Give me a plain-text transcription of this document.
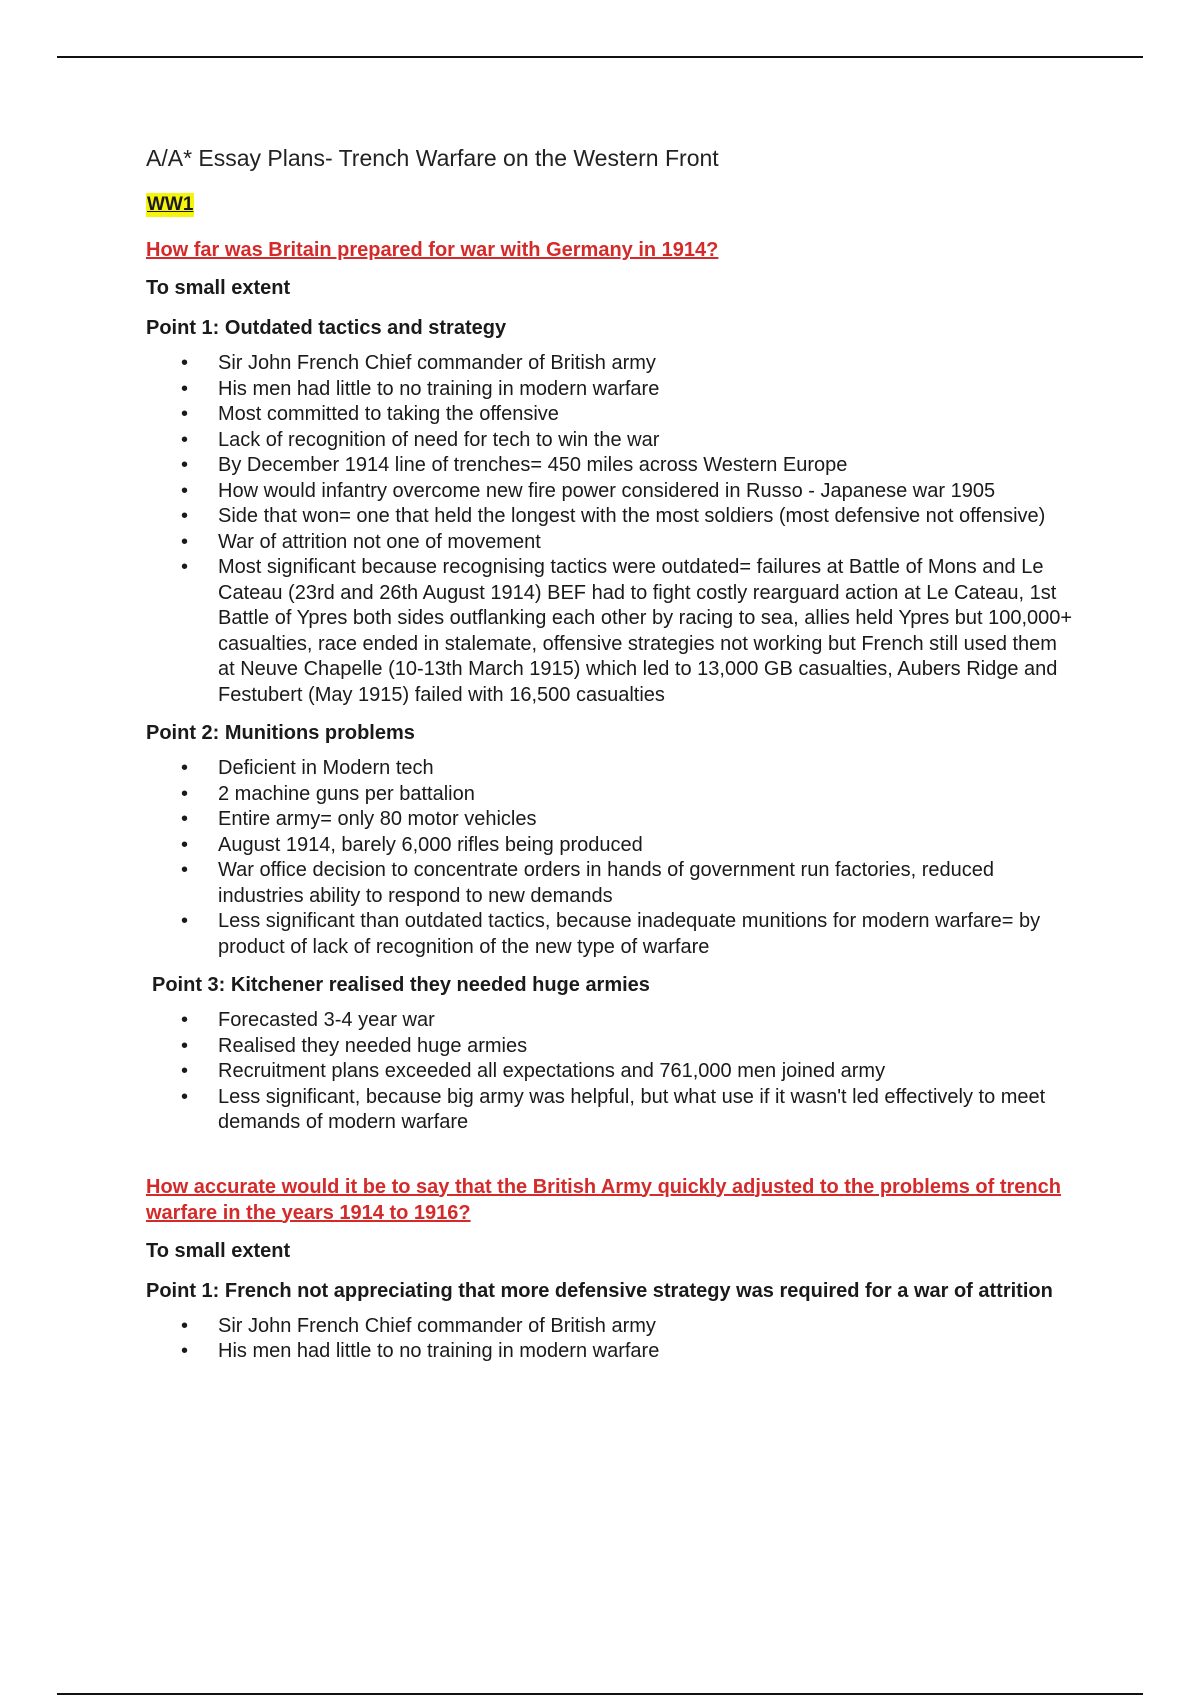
A/A* Essay Plans- Trench Warfare on the Western Front
WW1
How far was Britain prepared for war with Germany in 1914?
To small extent
Point 1: Outdated tactics and strategy
• Sir John French Chief commander of British army
• His men had little to no training in modern warfare
• Most committed to taking the offensive
• Lack of recognition of need for tech to win the war
• By December 1914 line of trenches= 450 miles across Western Europe
• How would infantry overcome new fire power considered in Russo - Japanese war 1905
• Side that won= one that held the longest with the most soldiers (most defensive not offensive)
• War of attrition not one of movement
• Most significant because recognising tactics were outdated= failures at Battle of Mons and Le Cateau (23rd and 26th August 1914) BEF had to fight costly rearguard action at Le Cateau, 1st Battle of Ypres both sides outflanking each other by racing to sea, allies held Ypres but 100,000+ casualties, race ended in stalemate, offensive strategies not working but French still used them at Neuve Chapelle (10-13th March 1915) which led to 13,000 GB casualties, Aubers Ridge and Festubert (May 1915) failed with 16,500 casualties
Point 2: Munitions problems
• Deficient in Modern tech
• 2 machine guns per battalion
• Entire army= only 80 motor vehicles
• August 1914, barely 6,000 rifles being produced
• War office decision to concentrate orders in hands of government run factories, reduced industries ability to respond to new demands
• Less significant than outdated tactics, because inadequate munitions for modern warfare= by product of lack of recognition of the new type of warfare
Point 3: Kitchener realised they needed huge armies
• Forecasted 3-4 year war
• Realised they needed huge armies
• Recruitment plans exceeded all expectations and 761,000 men joined army
• Less significant, because big army was helpful, but what use if it wasn't led effectively to meet demands of modern warfare
How accurate would it be to say that the British Army quickly adjusted to the problems of trench warfare in the years 1914 to 1916?
To small extent
Point 1: French not appreciating that more defensive strategy was required for a war of attrition
• Sir John French Chief commander of British army
• His men had little to no training in modern warfare
